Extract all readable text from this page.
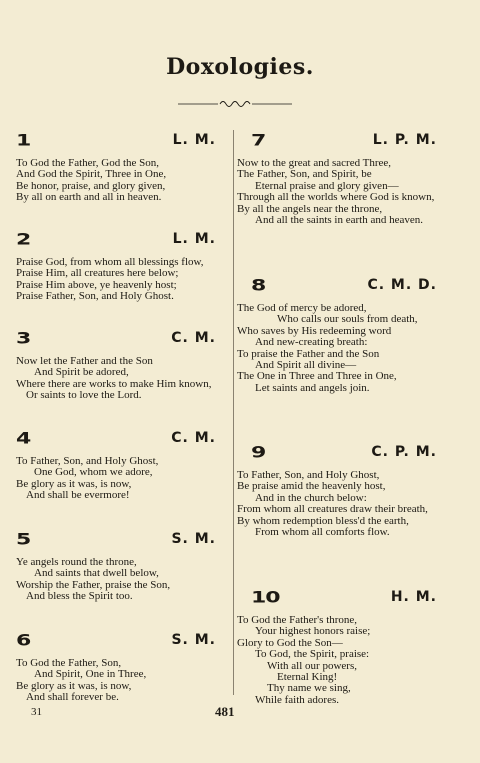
Doxologies.
1	L. M.
To God the Father, God the Son,
And God the Spirit, Three in One,
Be honor, praise, and glory given,
By all on earth and all in heaven.
2	L. M.
Praise God, from whom all blessings flow,
Praise Him, all creatures here below;
Praise Him above, ye heavenly host;
Praise Father, Son, and Holy Ghost.
3	C. M.
Now let the Father and the Son
And Spirit be adored,
Where there are works to make Him known,
Or saints to love the Lord.
4	C. M.
To Father, Son, and Holy Ghost,
One God, whom we adore,
Be glory as it was, is now,
And shall be evermore!
5	S. M.
Ye angels round the throne,
And saints that dwell below,
Worship the Father, praise the Son,
And bless the Spirit too.
6	S. M.
To God the Father, Son,
And Spirit, One in Three,
Be glory as it was, is now,
And shall forever be.
7	L. P. M.
Now to the great and sacred Three,
The Father, Son, and Spirit, be
Eternal praise and glory given—
Through all the worlds where God is known,
By all the angels near the throne,
And all the saints in earth and heaven.
8	C. M. D.
The God of mercy be adored,
Who calls our souls from death,
Who saves by His redeeming word
And new-creating breath:
To praise the Father and the Son
And Spirit all divine—
The One in Three and Three in One,
Let saints and angels join.
9	C. P. M.
To Father, Son, and Holy Ghost,
Be praise amid the heavenly host,
And in the church below:
From whom all creatures draw their breath,
By whom redemption bless'd the earth,
From whom all comforts flow.
10	H. M.
To God the Father's throne,
Your highest honors raise;
Glory to God the Son—
To God, the Spirit, praise:
With all our powers,
Eternal King!
Thy name we sing,
While faith adores.
31	481
